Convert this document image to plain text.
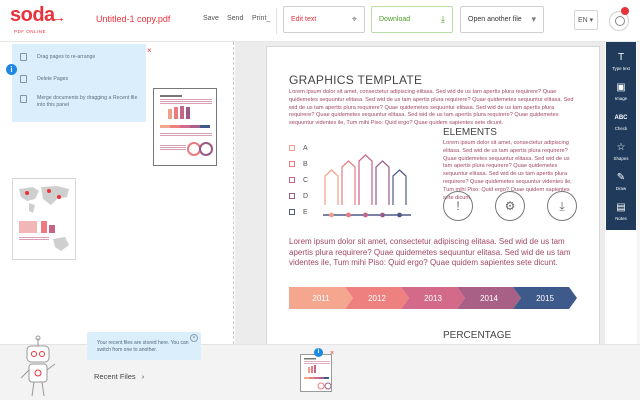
soda
→
PDF ONLINE
Untitled-1 copy.pdf	Save Send Print_	Edit text	⌖	Download	⤓	Open another file ▾	EN ▾
Drag pages to re-arrange
Delete Pages
Merge documents by dragging a Recent file into this panel
×
i
GRAPHICS TEMPLATE
Lorem ipsum dolor sit amet, consectetur adipiscing elitasa. Sed wid de us tam apertis plura requirere? Quae quidemetes sequuntur elitasa. Sed wid de us tam apertis plura requirere? Quae quidemetes sequuntur elitasa. Sed wid de us tam apertis plura requirere? Quae quidemetes sequuntur elitasa. Sed wid de us tam apertis plura requirere? Quae quidemetes sequuntur elitasa. Sed wid de us tam apertis plura requirere? Quae quidemetes sequuntur videntes ile, Tum mihi Piso: Quid ergo? Quae quidem sapientes sete dicunt.
ELEMENTS
Lorem ipsum dolor sit amet, consectetur adipiscing elitasa. Sed wid de us tam apertis plura requirere? Quae quidemetes sequuntur elitasa. Sed wid de us tam apertis plura requirere? Quae quidemetes sequuntur elitasa. Sed wid de us tam apertis plura requirere? Quae quidemetes sequuntur videntes ile, Tum mihi Piso: Quid ergo? Quae quidem sapientes sete dicunt.
A
B
C
D
E	!	⚙	⤓
Lorem ipsum dolor sit amet, consectetur adipiscing elitasa. Sed wid de us tam apertis plura requirere? Quae quidemetes sequuntur elitasa. Sed wid de us tam videntes ile, Tum mihi Piso: Quid ergo? Quae quidem sapientes sete dicunt.
2011	2012	2013	2014	2015
PERCENTAGE
T
Type text
▣
Image
ABC
Check
☆
Shapes
✎
Draw
▤
Notes
Your recent files are stored here. You can switch from one to another.
×
Recent Files ›
i	×
